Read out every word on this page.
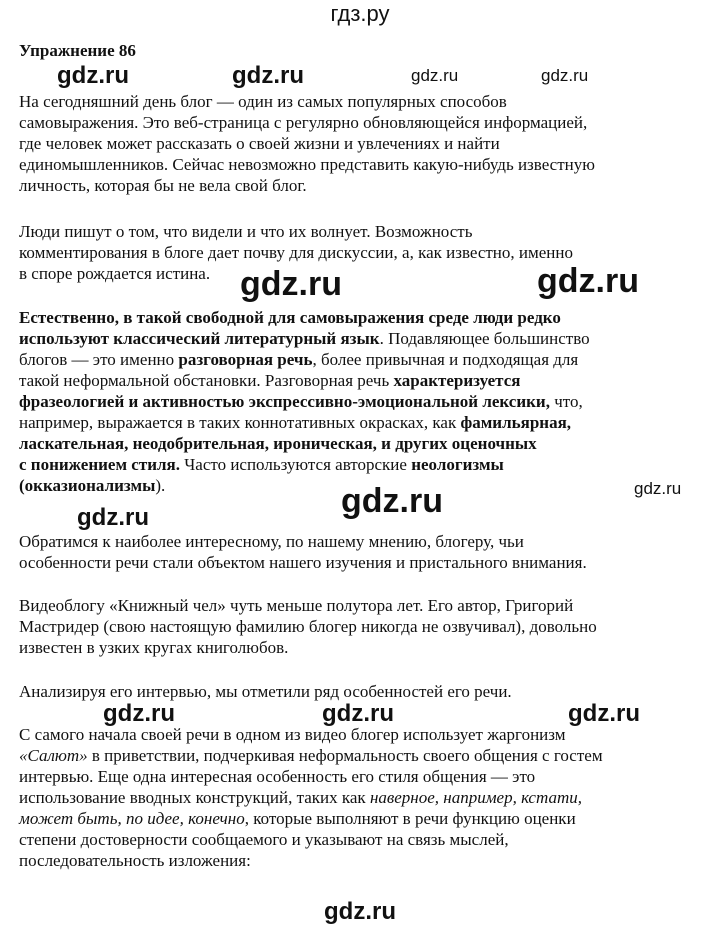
гдз.ру
Упражнение 86
gdz.ru	gdz.ru	gdz.ru	gdz.ru
gdz.ru	gdz.ru
gdz.ru	gdz.ru
gdz.ru
gdz.ru	gdz.ru	gdz.ru
На сегодняшний день блог — один из самых популярных способов
самовыражения. Это веб-страница с регулярно обновляющейся информацией,
где человек может рассказать о своей жизни и увлечениях и найти
единомышленников. Сейчас невозможно представить какую-нибудь известную
личность, которая бы не вела свой блог.
Люди пишут о том, что видели и что их волнует. Возможность
комментирования в блоге дает почву для дискуссии, а, как известно, именно
в споре рождается истина.
Естественно, в такой свободной для самовыражения среде люди редко
используют классический литературный язык. Подавляющее большинство
блогов — это именно разговорная речь, более привычная и подходящая для
такой неформальной обстановки. Разговорная речь характеризуется
фразеологией и активностью экспрессивно-эмоциональной лексики, что,
например, выражается в таких коннотативных окрасках, как фамильярная,
ласкательная, неодобрительная, ироническая, и других оценочных
с понижением стиля. Часто используются авторские неологизмы
(окказионализмы).
Обратимся к наиболее интересному, по нашему мнению, блогеру, чьи
особенности речи стали объектом нашего изучения и пристального внимания.
Видеоблогу «Книжный чел» чуть меньше полутора лет. Его автор, Григорий
Мастридер (свою настоящую фамилию блогер никогда не озвучивал), довольно
известен в узких кругах книголюбов.
Анализируя его интервью, мы отметили ряд особенностей его речи.
С самого начала своей речи в одном из видео блогер использует жаргонизм
«Салют» в приветствии, подчеркивая неформальность своего общения с гостем
интервью. Еще одна интересная особенность его стиля общения — это
использование вводных конструкций, таких как наверное, например, кстати,
может быть, по идее, конечно, которые выполняют в речи функцию оценки
степени достоверности сообщаемого и указывают на связь мыслей,
последовательность изложения:
gdz.ru
